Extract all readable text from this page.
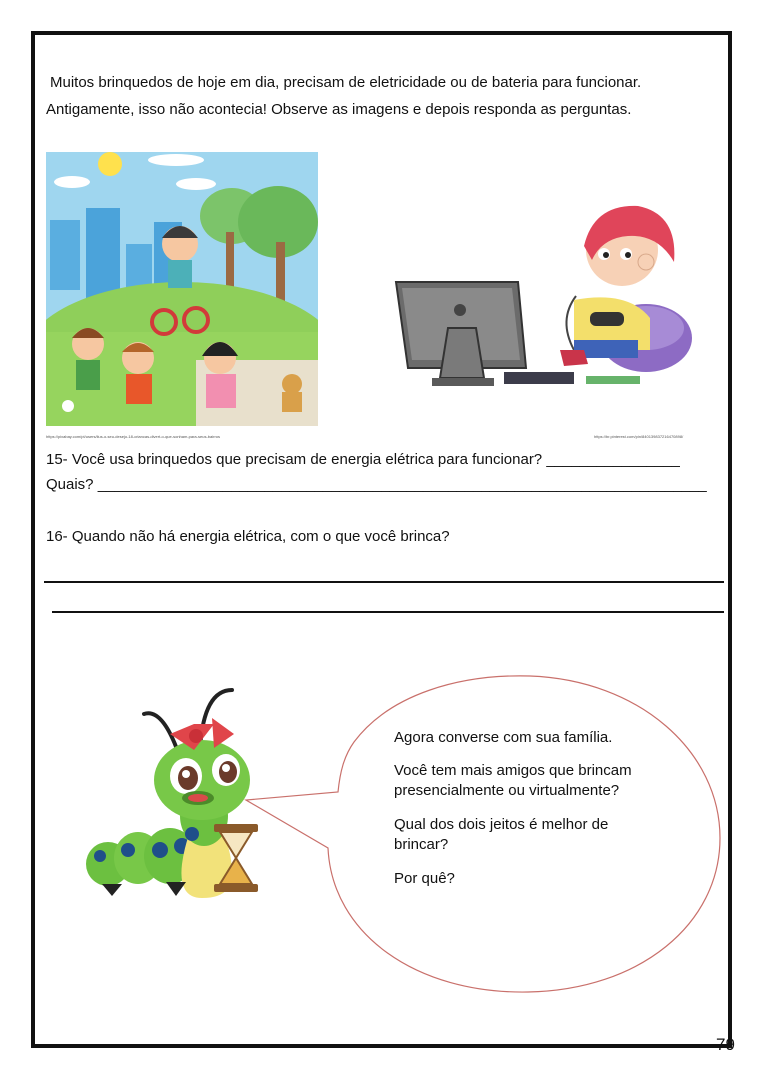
Muitos brinquedos de hoje em dia, precisam de eletricidade ou de bateria para funcionar.
Antigamente, isso não acontecia! Observe as imagens e depois responda as perguntas.
https://pixabay.com/pt/users/ilus-o-seu-desejo-18-criancas-divert-o-que-sonham-para-seus-bairros	https://br.pinterest.com/pin/840139837216470898/
15- Você usa brinquedos que precisam de energia elétrica para funcionar? ________________
Quais? _________________________________________________________________________
16- Quando não há energia elétrica, com o que você brinca?
Agora converse com sua família.
Você tem mais amigos que brincam presencialmente ou virtualmente?
Qual dos dois jeitos é melhor de brincar?
Por quê?
79
